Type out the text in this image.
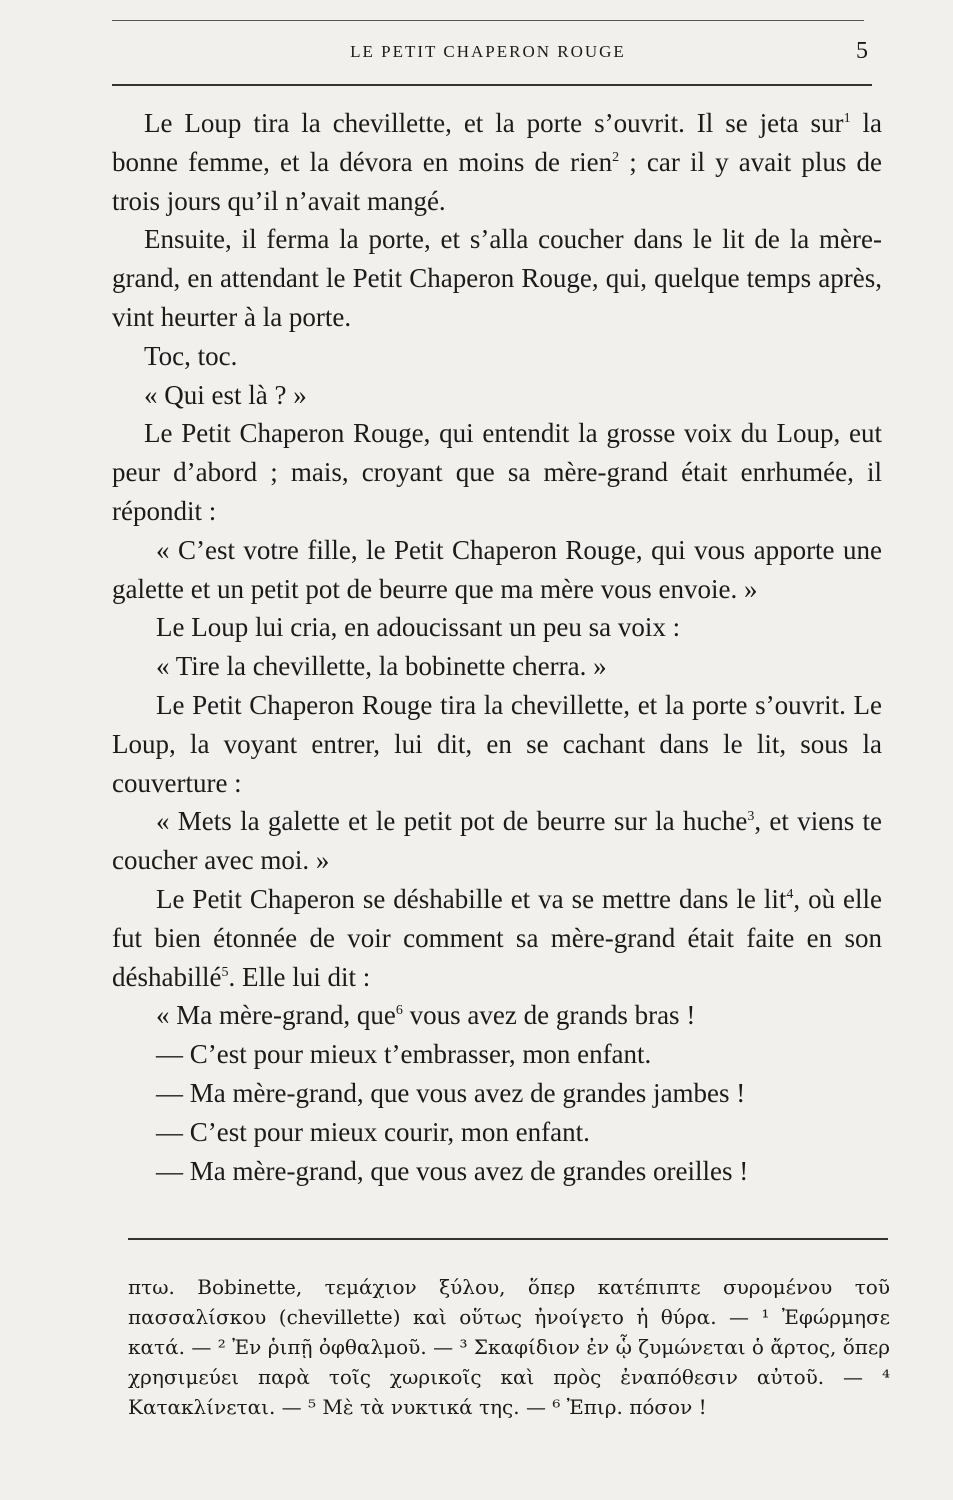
LE PETIT CHAPERON ROUGE	5

Le Loup tira la chevillette, et la porte s’ouvrit. Il se jeta sur$^1$ la bonne femme, et la dévora en moins de rien$^2$ ; car il y avait plus de trois jours qu’il n’avait mangé.

Ensuite, il ferma la porte, et s’alla coucher dans le lit de la mère-grand, en attendant le Petit Chaperon Rouge, qui, quelque temps après, vint heurter à la porte.

Toc, toc.

« Qui est là ? »

Le Petit Chaperon Rouge, qui entendit la grosse voix du Loup, eut peur d’abord ; mais, croyant que sa mère-grand était enrhumée, il répondit :

« C’est votre fille, le Petit Chaperon Rouge, qui vous apporte une galette et un petit pot de beurre que ma mère vous envoie. »

Le Loup lui cria, en adoucissant un peu sa voix :

« Tire la chevillette, la bobinette cherra. »

Le Petit Chaperon Rouge tira la chevillette, et la porte s’ouvrit. Le Loup, la voyant entrer, lui dit, en se cachant dans le lit, sous la couverture :

« Mets la galette et le petit pot de beurre sur la huche$^3$, et viens te coucher avec moi. »

Le Petit Chaperon se déshabille et va se mettre dans le lit$^4$, où elle fut bien étonnée de voir comment sa mère-grand était faite en son déshabillé$^5$. Elle lui dit :

« Ma mère-grand, que$^6$ vous avez de grands bras !

— C’est pour mieux t’embrasser, mon enfant.

— Ma mère-grand, que vous avez de grandes jambes !

— C’est pour mieux courir, mon enfant.

— Ma mère-grand, que vous avez de grandes oreilles !

πτω. Bobinette, τεμάχιον ξύλου, ὅπερ κατέπιπτε συρομένου τοῦ πασσαλίσκου (chevillette) καὶ οὕτως ἠνοίγετο ἡ θύρα. — ¹ Ἐφώρμησε κατά. — ² Ἐν ῥιπῇ ὀφθαλμοῦ. — ³ Σκαφίδιον ἐν ᾧ ζυμώνεται ὁ ἄρτος, ὅπερ χρησιμεύει παρὰ τοῖς χωρικοῖς καὶ πρὸς ἐναπόθεσιν αὐτοῦ. — ⁴ Κατακλίνεται. — ⁵ Μὲ τὰ νυκτικά της. — ⁶ Ἐπιρ. πόσον !
